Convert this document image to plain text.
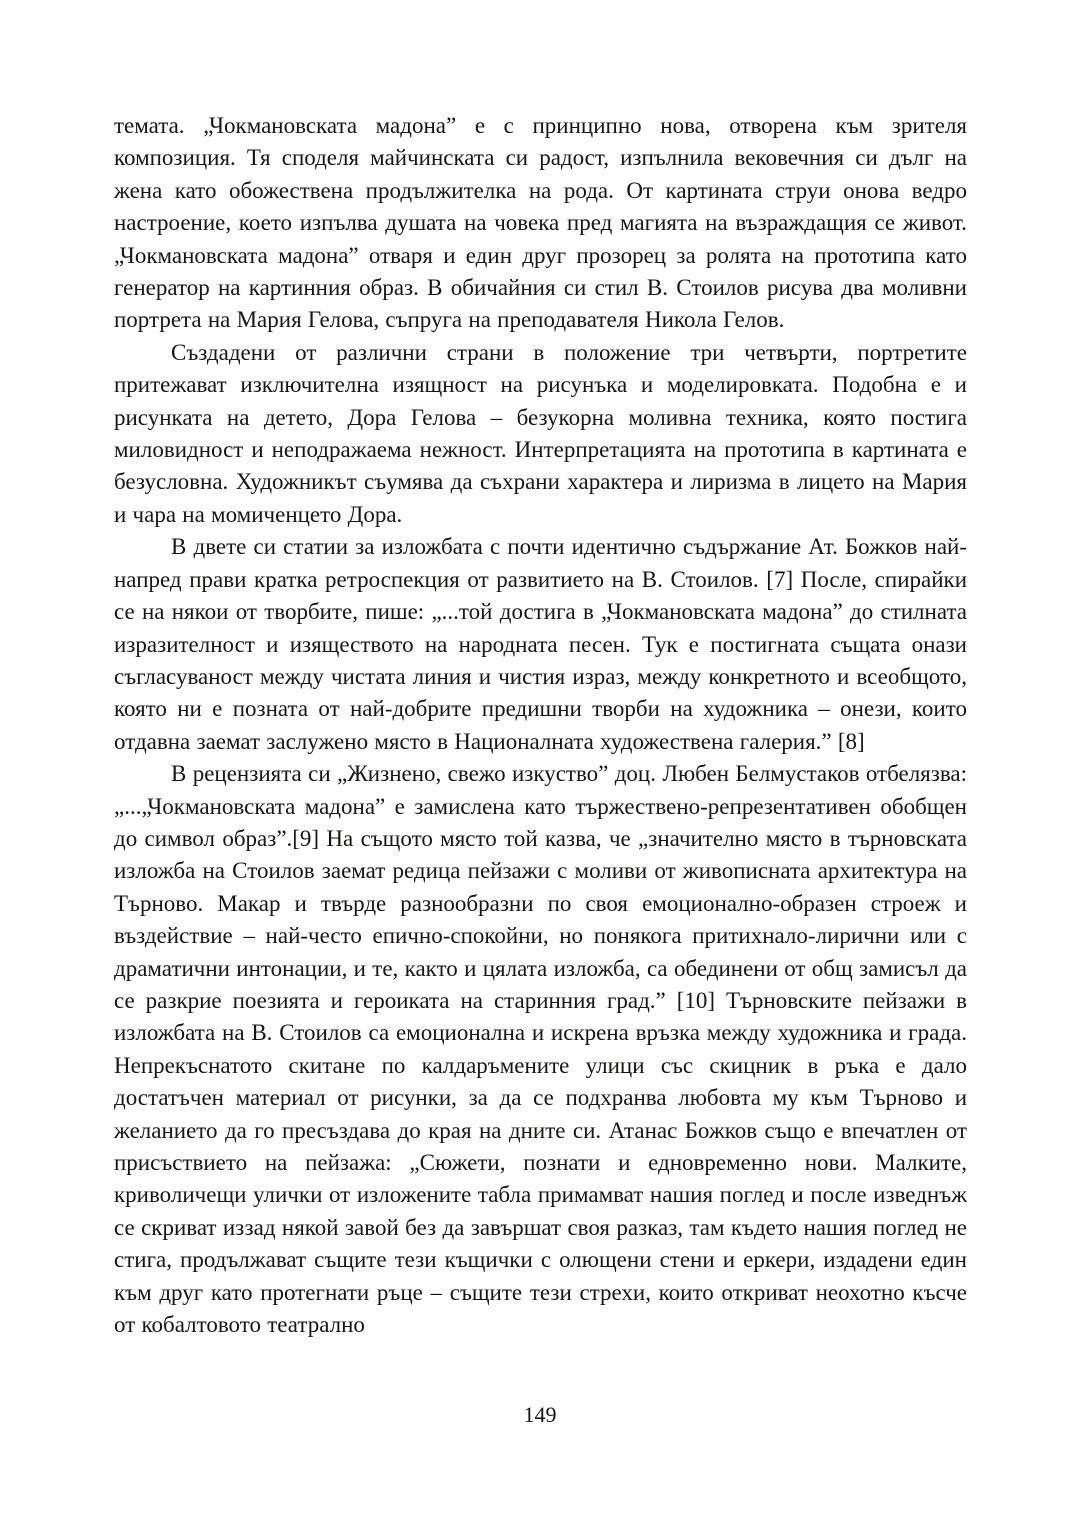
темата. „Чокмановската мадона” е с принципно нова, отворена към зрителя композиция. Тя споделя майчинската си радост, изпълнила вековечния си дълг на жена като обожествена продължителка на рода. От картината струи онова ведро настроение, което изпълва душата на човека пред магията на възраждащия се живот. „Чокмановската мадона” отваря и един друг прозорец за ролята на прототипа като генератор на картинния образ. В обичайния си стил В. Стоилов рисува два моливни портрета на Мария Гелова, съпруга на преподавателя Никола Гелов.

Създадени от различни страни в положение три четвърти, портретите притежават изключителна изящност на рисунъка и моделировката. Подобна е и рисунката на детето, Дора Гелова – безукорна моливна техника, която постига миловидност и неподражаема нежност. Интерпретацията на прототипа в картината е безусловна. Художникът съумява да съхрани характера и лиризма в лицето на Мария и чара на момиченцето Дора.

В двете си статии за изложбата с почти идентично съдържание Ат. Божков най-напред прави кратка ретроспекция от развитието на В. Стоилов. [7] После, спирайки се на някои от творбите, пише: „...той достига в „Чокмановската мадона” до стилната изразителност и изяществото на народната песен. Тук е постигната същата онази съгласуваност между чистата линия и чистия израз, между конкретното и всеобщото, която ни е позната от най-добрите предишни творби на художника – онези, които отдавна заемат заслужено място в Националната художествена галерия.” [8]

В рецензията си „Жизнено, свежо изкуство” доц. Любен Белмустаков отбелязва: „...„Чокмановската мадона” е замислена като тържествено-репрезентативен обобщен до символ образ”.[9] На същото място той казва, че „значително място в търновската изложба на Стоилов заемат редица пейзажи с моливи от живописната архитектура на Търново. Макар и твърде разнообразни по своя емоционално-образен строеж и въздействие – най-често епично-спокойни, но понякога притихнало-лирични или с драматични интонации, и те, както и цялата изложба, са обединени от общ замисъл да се разкрие поезията и героиката на старинния град.” [10] Търновските пейзажи в изложбата на В. Стоилов са емоционална и искрена връзка между художника и града. Непрекъснатото скитане по калдаръмените улици със скицник в ръка е дало достатъчен материал от рисунки, за да се подхранва любовта му към Търново и желанието да го пресъздава до края на дните си. Атанас Божков също е впечатлен от присъствието на пейзажа: „Сюжети, познати и едновременно нови. Малките, криволичещи улички от изложените табла примамват нашия поглед и после изведнъж се скриват иззад някой завой без да завършат своя разказ, там където нашия поглед не стига, продължават същите тези къщички с олющени стени и еркери, издадени един към друг като протегнати ръце – същите тези стрехи, които откриват неохотно късче от кобалтовото театрално

149
